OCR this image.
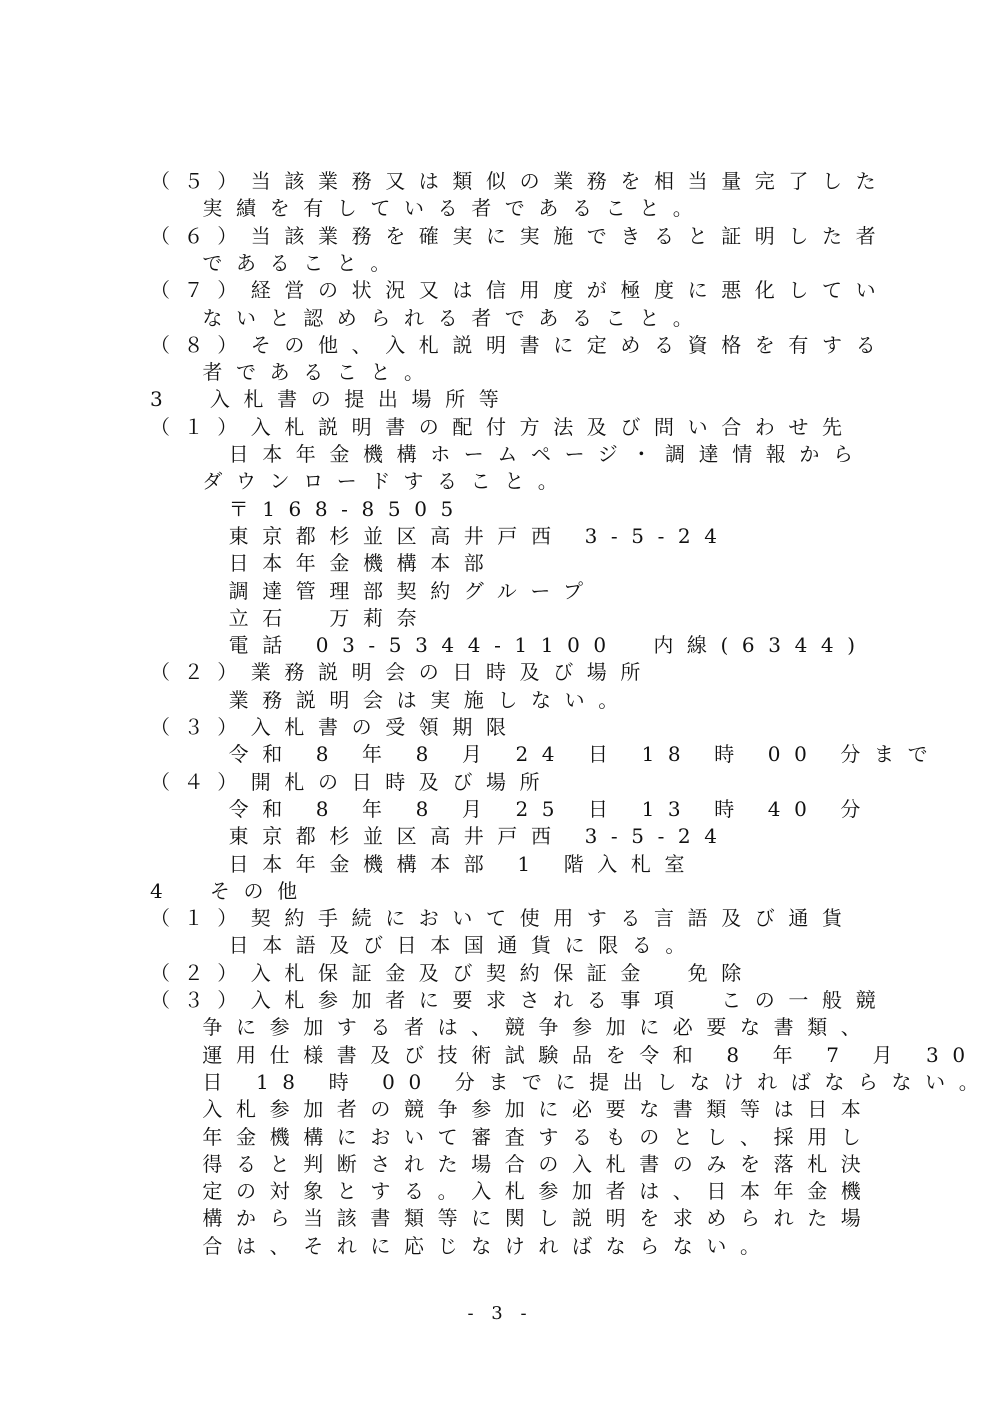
（５）当該業務又は類似の業務を相当量完了した
実績を有している者であること。
（６）当該業務を確実に実施できると証明した者
であること。
（７）経営の状況又は信用度が極度に悪化してい
ないと認められる者であること。
（８）その他、入札説明書に定める資格を有する
者であること。
3　入札書の提出場所等
（１）入札説明書の配付方法及び問い合わせ先
日本年金機構ホームページ・調達情報から
ダウンロードすること。
〒168-8505
東京都杉並区高井戸西 3-5-24
日本年金機構本部
調達管理部契約グループ
立石　万莉奈
電話 03-5344-1100　内線(6344)
（２）業務説明会の日時及び場所
業務説明会は実施しない。
（３）入札書の受領期限
令和 8 年 8 月 24 日 18 時 00 分まで
（４）開札の日時及び場所
令和 8 年 8 月 25 日 13 時 40 分
東京都杉並区高井戸西 3-5-24
日本年金機構本部 1 階入札室
4　その他
（１）契約手続において使用する言語及び通貨
日本語及び日本国通貨に限る。
（２）入札保証金及び契約保証金　免除
（３）入札参加者に要求される事項　この一般競
争に参加する者は、競争参加に必要な書類、
運用仕様書及び技術試験品を令和 8 年 7 月 30
日 18 時 00 分までに提出しなければならない。
入札参加者の競争参加に必要な書類等は日本
年金機構において審査するものとし、採用し
得ると判断された場合の入札書のみを落札決
定の対象とする。入札参加者は、日本年金機
構から当該書類等に関し説明を求められた場
合は、それに応じなければならない。
- 3 -
